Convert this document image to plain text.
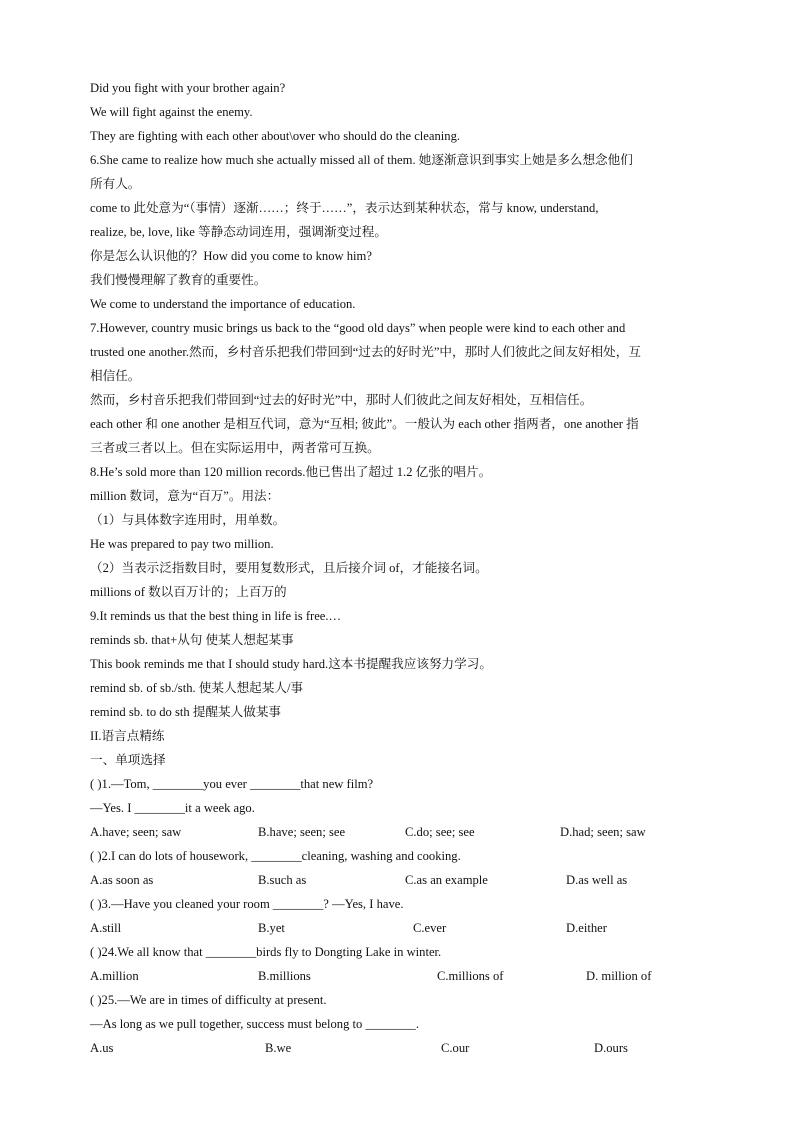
Did you fight with your brother again?
We will fight against the enemy.
They are fighting with each other about\over who should do the cleaning.
6.She came to realize how much she actually missed all of them. 她逐渐意识到事实上她是多么想念他们
所有人。
come to 此处意为“（事情）逐渐……；终于……”，表示达到某种状态，常与 know, understand,
realize, be, love, like 等静态动词连用，强调渐变过程。
你是怎么认识他的？How did you come to know him?
我们慢慢理解了教育的重要性。
We come to understand the importance of education.
7.However, country music brings us back to the “good old days” when people were kind to each other and
trusted one another.然而，乡村音乐把我们带回到“过去的好时光”中，那时人们彼此之间友好相处，互
相信任。
然而，乡村音乐把我们带回到“过去的好时光”中，那时人们彼此之间友好相处，互相信任。
each other 和 one another 是相互代词，意为“互相; 彼此”。一般认为 each other 指两者，one another 指
三者或三者以上。但在实际运用中，两者常可互换。
8.He’s sold more than 120 million records.他已售出了超过 1.2 亿张的唱片。
million 数词，意为“百万”。用法：
（1）与具体数字连用时，用单数。
He was prepared to pay two million.
（2）当表示泛指数目时，要用复数形式，且后接介词 of，才能接名词。
millions of 数以百万计的；上百万的
9.It reminds us that the best thing in life is free.…
reminds sb. that+从句 使某人想起某事
This book reminds me that I should study hard.这本书提醒我应该努力学习。
remind sb. of sb./sth. 使某人想起某人/事
remind sb. to do sth 提醒某人做某事
II.语言点精练
一、单项选择
( )1.—Tom, ________you ever ________that new film?
—Yes. I ________it a week ago.
A.have; seen; saw	B.have; seen; see	C.do; see; see	D.had; seen; saw
( )2.I can do lots of housework, ________cleaning, washing and cooking.
A.as soon as	B.such as	C.as an example	D.as well as
( )3.—Have you cleaned your room ________? —Yes, I have.
A.still	B.yet	C.ever	D.either
( )24.We all know that ________birds fly to Dongting Lake in winter.
A.million	B.millions	C.millions of	D. million of
( )25.—We are in times of difficulty at present.
—As long as we pull together, success must belong to ________.
A.us	B.we	C.our	D.ours
